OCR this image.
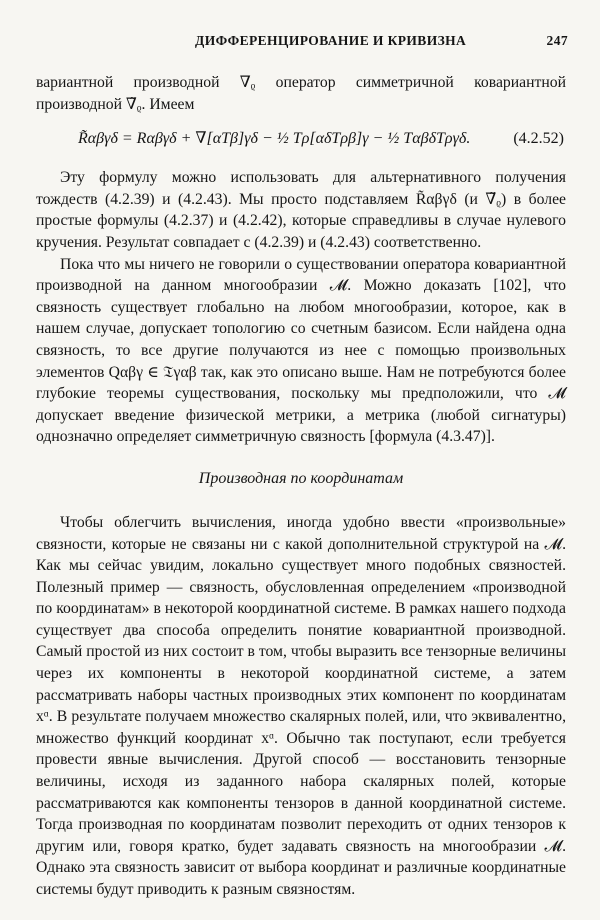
ДИФФЕРЕНЦИРОВАНИЕ И КРИВИЗНА	247

вариантной производной ∇ᵨ оператор симметричной ковариантной производной ∇̃ᵨ. Имеем

R̃αβγδ = Rαβγδ + ∇[αTβ]γδ − ½ Tρ[αδTρβ]γ − ½ TαβδTργδ.	(4.2.52)

Эту формулу можно использовать для альтернативного получения тождеств (4.2.39) и (4.2.43). Мы просто подставляем R̃αβγδ (и ∇̃ᵨ) в более простые формулы (4.2.37) и (4.2.42), которые справедливы в случае нулевого кручения. Результат совпадает с (4.2.39) и (4.2.43) соответственно.

Пока что мы ничего не говорили о существовании оператора ковариантной производной на данном многообразии 𝓜. Можно доказать [102], что связность существует глобально на любом многообразии, которое, как в нашем случае, допускает топологию со счетным базисом. Если найдена одна связность, то все другие получаются из нее с помощью произвольных элементов Qαβγ ∈ 𝔗γαβ так, как это описано выше. Нам не потребуются более глубокие теоремы существования, поскольку мы предположили, что 𝓜 допускает введение физической метрики, а метрика (любой сигнатуры) однозначно определяет симметричную связность [формула (4.3.47)].

Производная по координатам

Чтобы облегчить вычисления, иногда удобно ввести «произвольные» связности, которые не связаны ни с какой дополнительной структурой на 𝓜. Как мы сейчас увидим, локально существует много подобных связностей. Полезный пример — связность, обусловленная определением «производной по координатам» в некоторой координатной системе. В рамках нашего подхода существует два способа определить понятие ковариантной производной. Самый простой из них состоит в том, чтобы выразить все тензорные величины через их компоненты в некоторой координатной системе, а затем рассматривать наборы частных производных этих компонент по координатам xᵅ. В результате получаем множество скалярных полей, или, что эквивалентно, множество функций координат xᵅ. Обычно так поступают, если требуется провести явные вычисления. Другой способ — восстановить тензорные величины, исходя из заданного набора скалярных полей, которые рассматриваются как компоненты тензоров в данной координатной системе. Тогда производная по координатам позволит переходить от одних тензоров к другим или, говоря кратко, будет задавать связность на многообразии 𝓜. Однако эта связность зависит от выбора координат и различные координатные системы будут приводить к разным связностям.
